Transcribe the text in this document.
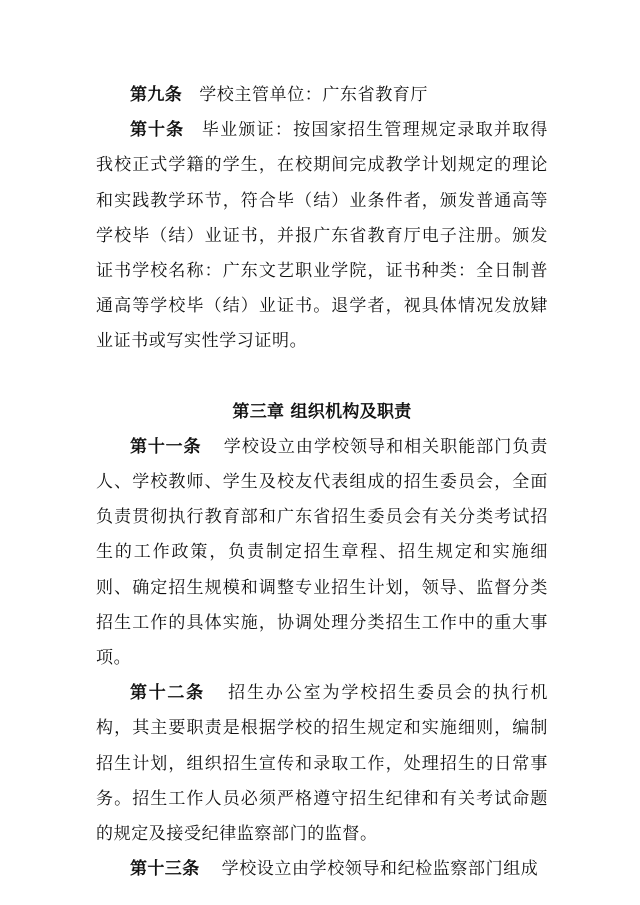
第九条 学校主管单位：广东省教育厅

第十条 毕业颁证：按国家招生管理规定录取并取得我校正式学籍的学生，在校期间完成教学计划规定的理论和实践教学环节，符合毕（结）业条件者，颁发普通高等学校毕（结）业证书，并报广东省教育厅电子注册。颁发证书学校名称：广东文艺职业学院，证书种类：全日制普通高等学校毕（结）业证书。退学者，视具体情况发放肄业证书或写实性学习证明。

第三章 组织机构及职责

第十一条 学校设立由学校领导和相关职能部门负责人、学校教师、学生及校友代表组成的招生委员会，全面负责贯彻执行教育部和广东省招生委员会有关分类考试招生的工作政策，负责制定招生章程、招生规定和实施细则、确定招生规模和调整专业招生计划，领导、监督分类招生工作的具体实施，协调处理分类招生工作中的重大事项。

第十二条 招生办公室为学校招生委员会的执行机构，其主要职责是根据学校的招生规定和实施细则，编制招生计划，组织招生宣传和录取工作，处理招生的日常事务。招生工作人员必须严格遵守招生纪律和有关考试命题的规定及接受纪律监察部门的监督。

第十三条 学校设立由学校领导和纪检监察部门组成
